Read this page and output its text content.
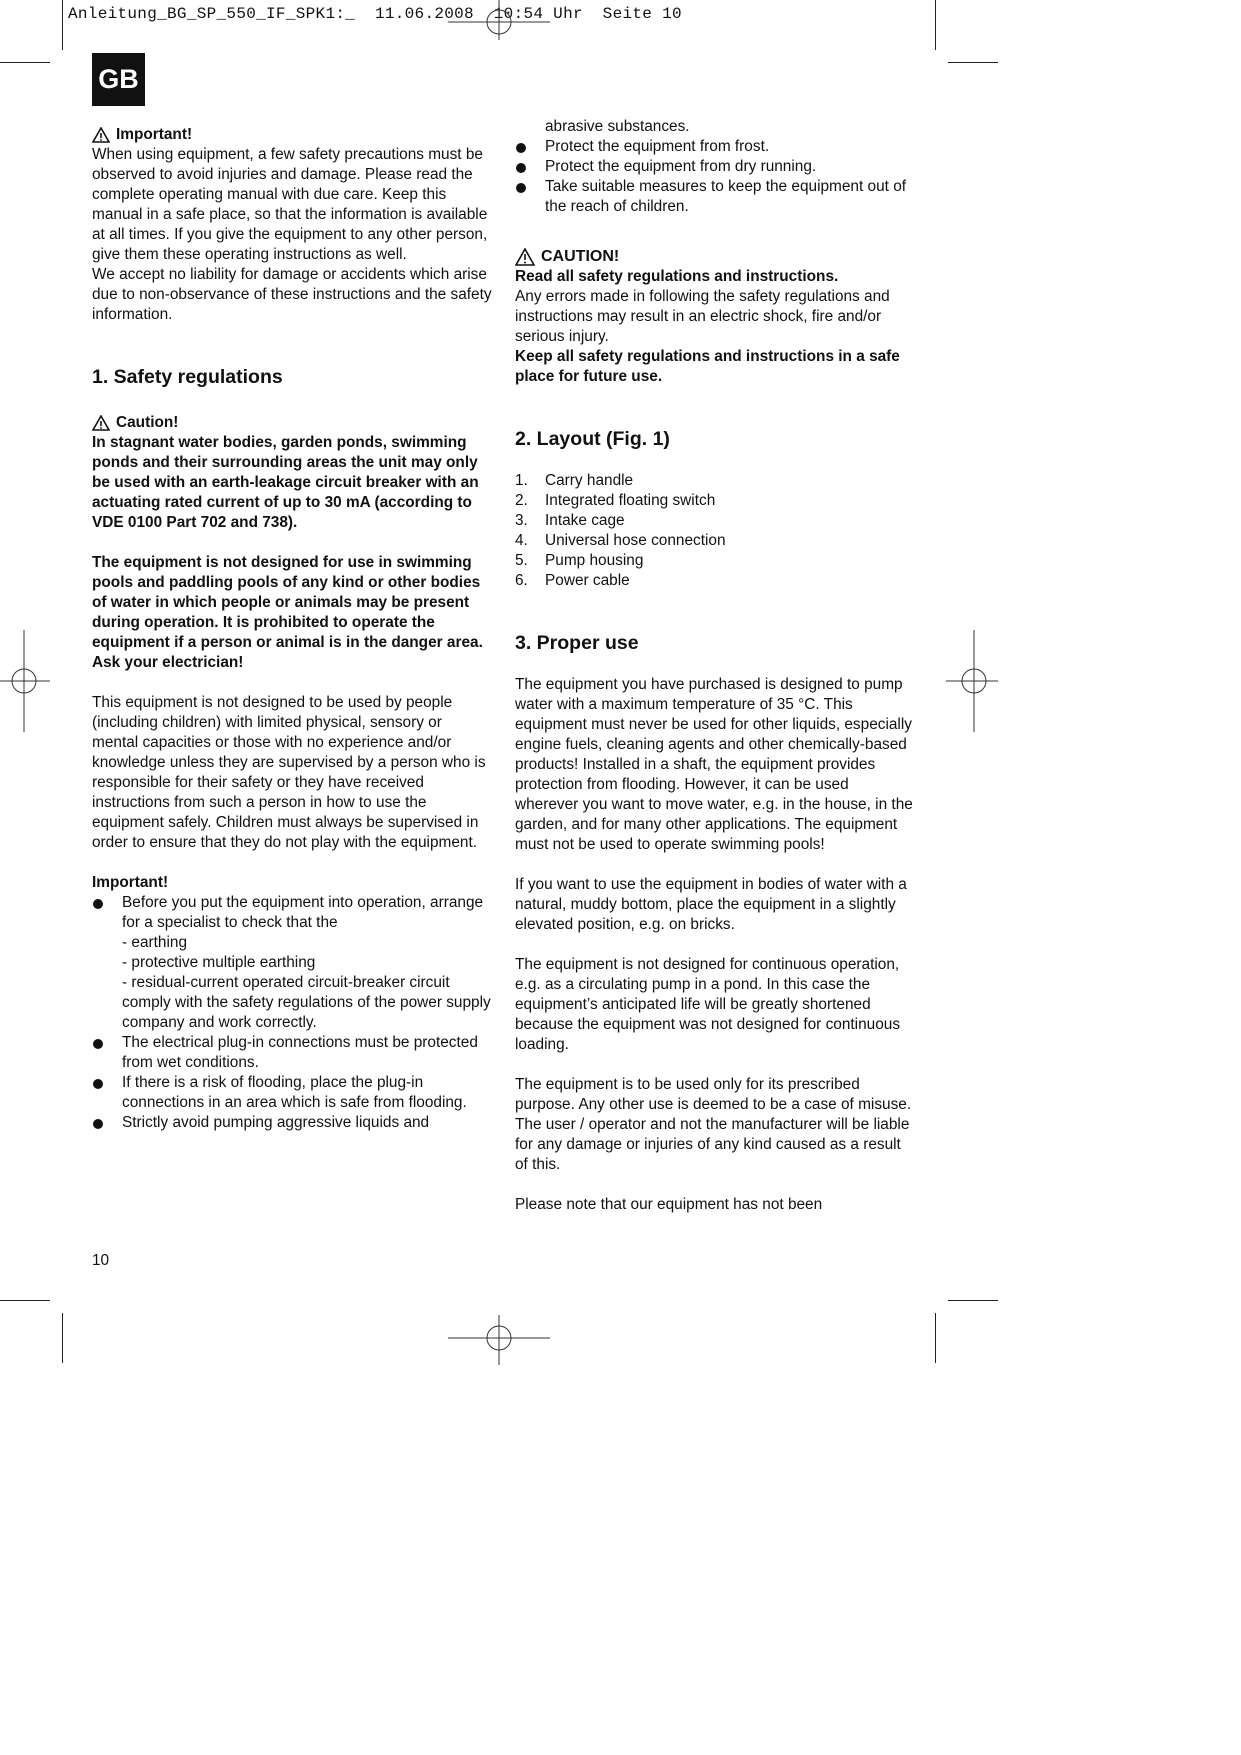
Anleitung_BG_SP_550_IF_SPK1:_  11.06.2008  10:54 Uhr  Seite 10
GB
Important!

When using equipment, a few safety precautions must be observed to avoid injuries and damage. Please read the complete operating manual with due care. Keep this manual in a safe place, so that the information is available at all times. If you give the equipment to any other person, give them these operating instructions as well.

We accept no liability for damage or accidents which arise due to non-observance of these instructions and the safety information.

1. Safety regulations
Caution!

In stagnant water bodies, garden ponds, swimming ponds and their surrounding areas the unit may only be used with an earth-leakage circuit breaker with an actuating rated current of up to 30 mA (according to VDE 0100 Part 702 and 738).

The equipment is not designed for use in swimming pools and paddling pools of any kind or other bodies of water in which people or animals may be present during operation. It is prohibited to operate the equipment if a person or animal is in the danger area. Ask your electrician!

This equipment is not designed to be used by people (including children) with limited physical, sensory or mental capacities or those with no experience and/or knowledge unless they are supervised by a person who is responsible for their safety or they have received instructions from such a person in how to use the equipment safely. Children must always be supervised in order to ensure that they do not play with the equipment.

Important!

Before you put the equipment into operation, arrange for a specialist to check that the
- earthing
- protective multiple earthing
- residual-current operated circuit-breaker circuit comply with the safety regulations of the power supply company and work correctly.
The electrical plug-in connections must be protected from wet conditions.
If there is a risk of flooding, place the plug-in connections in an area which is safe from flooding.
Strictly avoid pumping aggressive liquids and

abrasive substances.

Protect the equipment from frost.
Protect the equipment from dry running.
Take suitable measures to keep the equipment out of the reach of children.
CAUTION!

Read all safety regulations and instructions.

Any errors made in following the safety regulations and instructions may result in an electric shock, fire and/or serious injury.

Keep all safety regulations and instructions in a safe place for future use.

2. Layout (Fig. 1)
1. Carry handle
2. Integrated floating switch
3. Intake cage
4. Universal hose connection
5. Pump housing
6. Power cable
3. Proper use

The equipment you have purchased is designed to pump water with a maximum temperature of 35 °C. This equipment must never be used for other liquids, especially engine fuels, cleaning agents and other chemically-based products! Installed in a shaft, the equipment provides protection from flooding. However, it can be used wherever you want to move water, e.g. in the house, in the garden, and for many other applications. The equipment must not be used to operate swimming pools!

If you want to use the equipment in bodies of water with a natural, muddy bottom, place the equipment in a slightly elevated position, e.g. on bricks.

The equipment is not designed for continuous operation, e.g. as a circulating pump in a pond. In this case the equipment’s anticipated life will be greatly shortened because the equipment was not designed for continuous loading.

The equipment is to be used only for its prescribed purpose. Any other use is deemed to be a case of misuse. The user / operator and not the manufacturer will be liable for any damage or injuries of any kind caused as a result of this.

Please note that our equipment has not been

10
